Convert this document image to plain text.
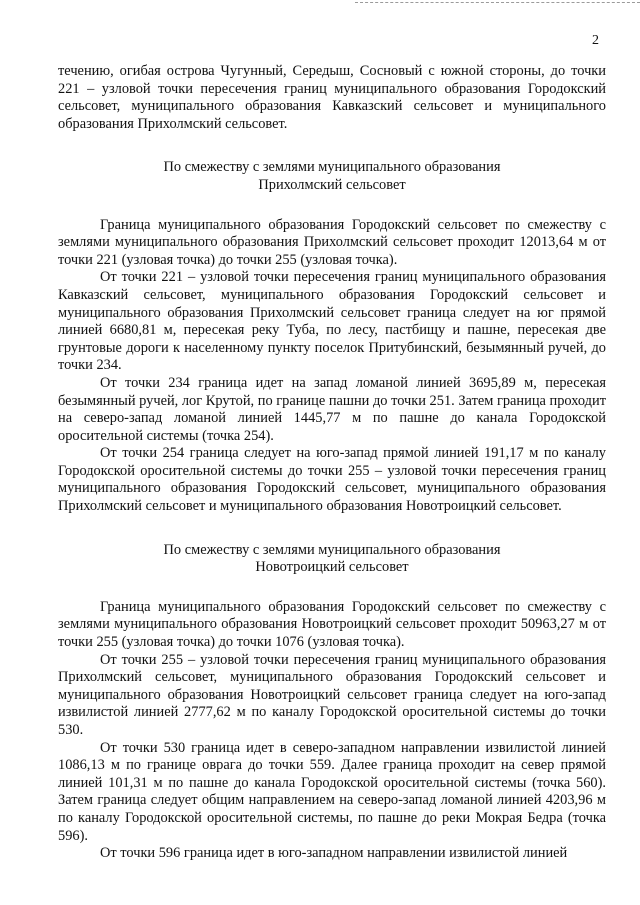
2

течению, огибая острова Чугунный, Середыш, Сосновый с южной стороны, до точки 221 – узловой точки пересечения границ муниципального образования Городокский сельсовет, муниципального образования Кавказский сельсовет и муниципального образования Прихолмский сельсовет.

По смежеству с землями муниципального образования
Прихолмский сельсовет

Граница муниципального образования Городокский сельсовет по смежеству с землями муниципального образования Прихолмский сельсовет проходит 12013,64 м от точки 221 (узловая точка) до точки 255 (узловая точка).

От точки 221 – узловой точки пересечения границ муниципального образования Кавказский сельсовет, муниципального образования Городокский сельсовет и муниципального образования Прихолмский сельсовет граница следует на юг прямой линией 6680,81 м, пересекая реку Туба, по лесу, пастбищу и пашне, пересекая две грунтовые дороги к населенному пункту поселок Притубинский, безымянный ручей, до точки 234.

От точки 234 граница идет на запад ломаной линией 3695,89 м, пересекая безымянный ручей, лог Крутой, по границе пашни до точки 251. Затем граница проходит на северо-запад ломаной линией 1445,77 м по пашне до канала Городокской оросительной системы (точка 254).

От точки 254 граница следует на юго-запад прямой линией 191,17 м по каналу Городокской оросительной системы до точки 255 – узловой точки пересечения границ муниципального образования Городокский сельсовет, муниципального образования Прихолмский сельсовет и муниципального образования Новотроицкий сельсовет.

По смежеству с землями муниципального образования
Новотроицкий сельсовет

Граница муниципального образования Городокский сельсовет по смежеству с землями муниципального образования Новотроицкий сельсовет проходит 50963,27 м от точки 255 (узловая точка) до точки 1076 (узловая точка).

От точки 255 – узловой точки пересечения границ муниципального образования Прихолмский сельсовет, муниципального образования Городокский сельсовет и муниципального образования Новотроицкий сельсовет граница следует на юго-запад извилистой линией 2777,62 м по каналу Городокской оросительной системы до точки 530.

От точки 530 граница идет в северо-западном направлении извилистой линией 1086,13 м по границе оврага до точки 559. Далее граница проходит на север прямой линией 101,31 м по пашне до канала Городокской оросительной системы (точка 560). Затем граница следует общим направлением на северо-запад ломаной линией 4203,96 м по каналу Городокской оросительной системы, по пашне до реки Мокрая Бедра (точка 596).

От точки 596 граница идет в юго-западном направлении извилистой линией
